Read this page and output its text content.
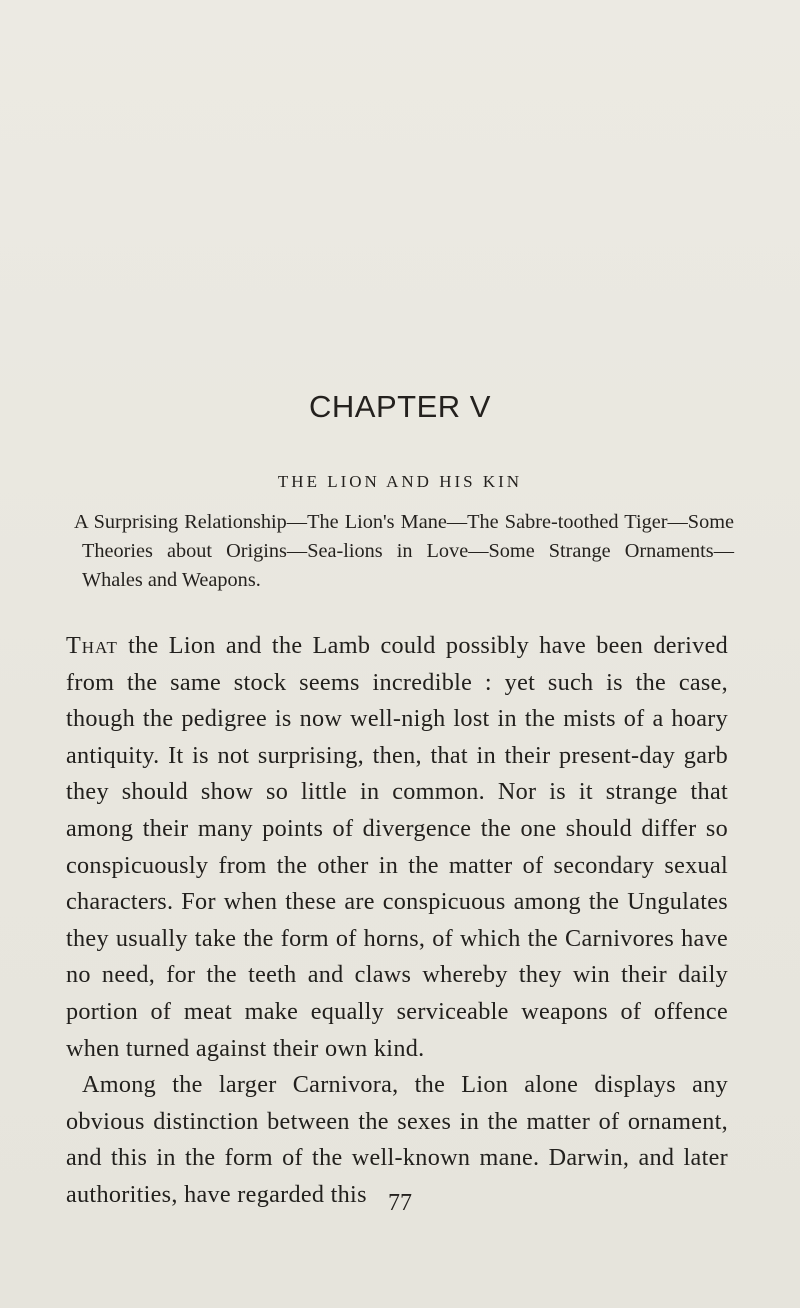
CHAPTER V
THE LION AND HIS KIN
A Surprising Relationship—The Lion's Mane—The Sabre-toothed Tiger—Some Theories about Origins—Sea-lions in Love—Some Strange Ornaments—Whales and Weapons.

That the Lion and the Lamb could possibly have been derived from the same stock seems incredible : yet such is the case, though the pedigree is now well-nigh lost in the mists of a hoary antiquity. It is not surprising, then, that in their present-day garb they should show so little in common. Nor is it strange that among their many points of divergence the one should differ so conspicuously from the other in the matter of secondary sexual characters. For when these are conspicuous among the Ungulates they usually take the form of horns, of which the Carnivores have no need, for the teeth and claws whereby they win their daily portion of meat make equally serviceable weapons of offence when turned against their own kind.

Among the larger Carnivora, the Lion alone displays any obvious distinction between the sexes in the matter of ornament, and this in the form of the well-known mane. Darwin, and later authorities, have regarded this 77
